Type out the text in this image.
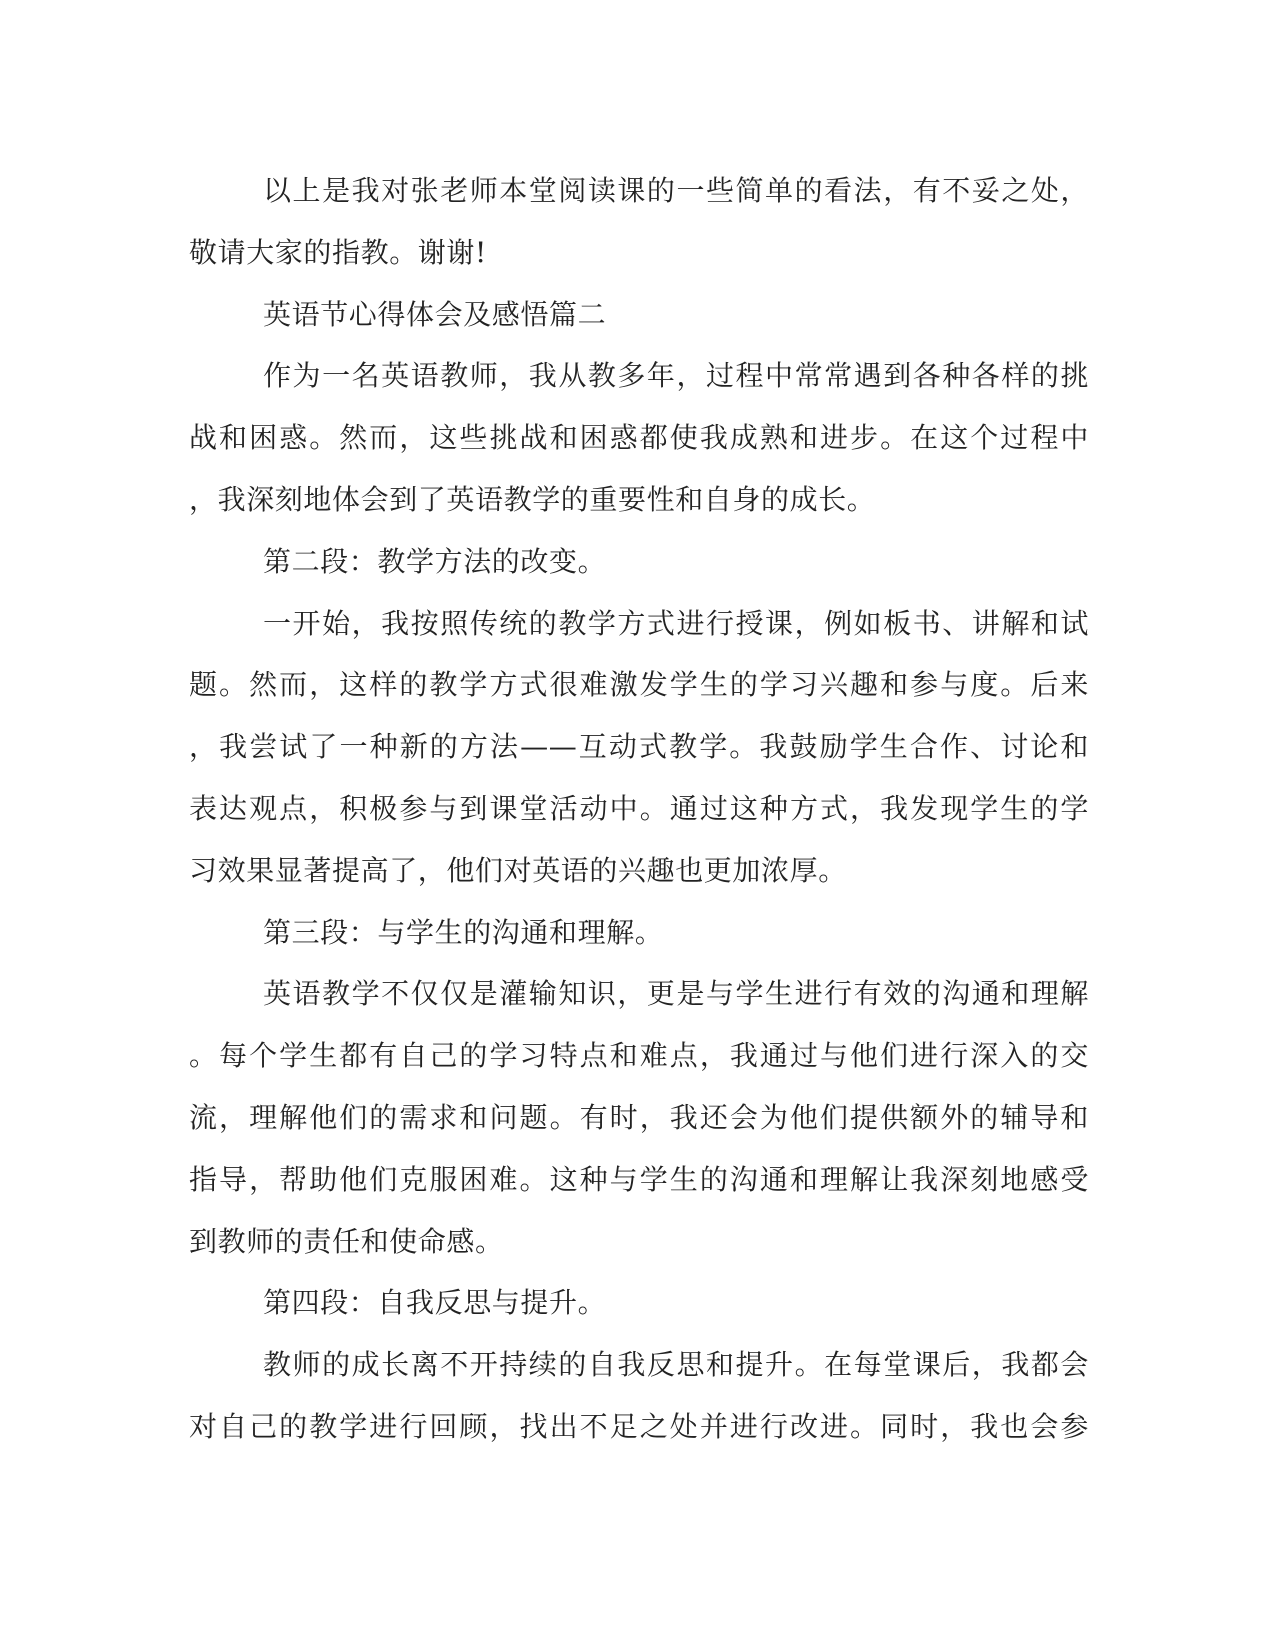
以上是我对张老师本堂阅读课的一些简单的看法，有不妥之处，
敬请大家的指教。谢谢!
英语节心得体会及感悟篇二
作为一名英语教师，我从教多年，过程中常常遇到各种各样的挑
战和困惑。然而，这些挑战和困惑都使我成熟和进步。在这个过程中
，我深刻地体会到了英语教学的重要性和自身的成长。
第二段：教学方法的改变。
一开始，我按照传统的教学方式进行授课，例如板书、讲解和试
题。然而，这样的教学方式很难激发学生的学习兴趣和参与度。后来
，我尝试了一种新的方法——互动式教学。我鼓励学生合作、讨论和
表达观点，积极参与到课堂活动中。通过这种方式，我发现学生的学
习效果显著提高了，他们对英语的兴趣也更加浓厚。
第三段：与学生的沟通和理解。
英语教学不仅仅是灌输知识，更是与学生进行有效的沟通和理解
。每个学生都有自己的学习特点和难点，我通过与他们进行深入的交
流，理解他们的需求和问题。有时，我还会为他们提供额外的辅导和
指导，帮助他们克服困难。这种与学生的沟通和理解让我深刻地感受
到教师的责任和使命感。
第四段：自我反思与提升。
教师的成长离不开持续的自我反思和提升。在每堂课后，我都会
对自己的教学进行回顾，找出不足之处并进行改进。同时，我也会参
